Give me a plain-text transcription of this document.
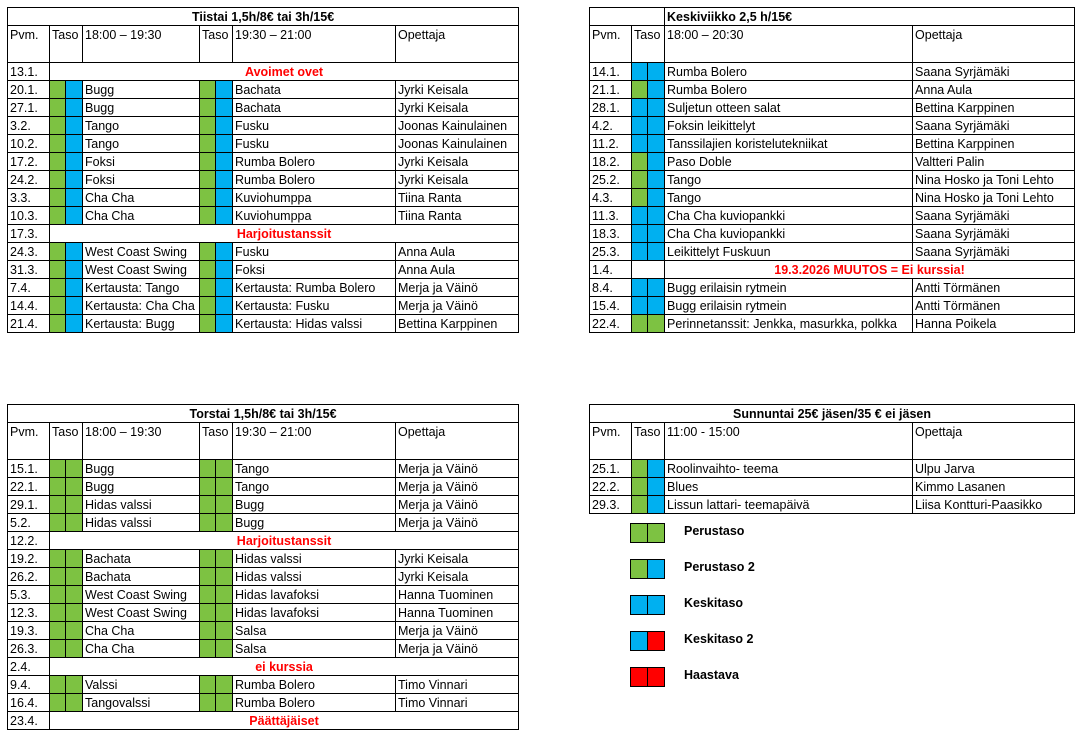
Tiistai 1,5h/8€ tai 3h/15€							
Pvm.	Taso		18:00 – 19:30	Taso		19:30 – 21:00	Opettaja
13.1.	Avoimet ovet						
20.1.			Bugg			Bachata	Jyrki Keisala
27.1.			Bugg			Bachata	Jyrki Keisala
3.2.			Tango			Fusku	Joonas Kainulainen
10.2.			Tango			Fusku	Joonas Kainulainen
17.2.			Foksi			Rumba Bolero	Jyrki Keisala
24.2.			Foksi			Rumba Bolero	Jyrki Keisala
3.3.			Cha Cha			Kuviohumppa	Tiina Ranta
10.3.			Cha Cha			Kuviohumppa	Tiina Ranta
17.3.	Harjoitustanssit						
24.3.			West Coast Swing			Fusku	Anna Aula
31.3.			West Coast Swing			Foksi	Anna Aula
7.4.			Kertausta: Tango			Kertausta: Rumba Bolero	Merja ja Väinö
14.4.			Kertausta: Cha Cha			Kertausta: Fusku	Merja ja Väinö
21.4.			Kertausta: Bugg			Kertausta: Hidas valssi	Bettina Karppinen
			Keskiviikko 2,5 h/15€	
Pvm.	Taso		18:00 – 20:30	Opettaja
14.1.			Rumba Bolero	Saana Syrjämäki
21.1.			Rumba Bolero	Anna Aula
28.1.			Suljetun otteen salat	Bettina Karppinen
4.2.			Foksin leikittelyt	Saana Syrjämäki
11.2.			Tanssilajien koristelutekniikat	Bettina Karppinen
18.2.			Paso Doble	Valtteri Palin
25.2.			Tango	Nina Hosko ja Toni Lehto
4.3.			Tango	Nina Hosko ja Toni Lehto
11.3.			Cha Cha kuviopankki	Saana Syrjämäki
18.3.			Cha Cha kuviopankki	Saana Syrjämäki
25.3.			Leikittelyt Fuskuun	Saana Syrjämäki
1.4.			19.3.2026 MUUTOS = Ei kurssia!	
8.4.			Bugg erilaisin rytmein	Antti Törmänen
15.4.			Bugg erilaisin rytmein	Antti Törmänen
22.4.			Perinnetanssit: Jenkka, masurkka, polkka	Hanna Poikela
Torstai 1,5h/8€ tai 3h/15€							
Pvm.	Taso		18:00 – 19:30	Taso		19:30 – 21:00	Opettaja
15.1.			Bugg			Tango	Merja ja Väinö
22.1.			Bugg			Tango	Merja ja Väinö
29.1.			Hidas valssi			Bugg	Merja ja Väinö
5.2.			Hidas valssi			Bugg	Merja ja Väinö
12.2.	Harjoitustanssit						
19.2.			Bachata			Hidas valssi	Jyrki Keisala
26.2.			Bachata			Hidas valssi	Jyrki Keisala
5.3.			West Coast Swing			Hidas lavafoksi	Hanna Tuominen
12.3.			West Coast Swing			Hidas lavafoksi	Hanna Tuominen
19.3.			Cha Cha			Salsa	Merja ja Väinö
26.3.			Cha Cha			Salsa	Merja ja Väinö
2.4.	ei kurssia						
9.4.			Valssi			Rumba Bolero	Timo Vinnari
16.4.			Tangovalssi			Rumba Bolero	Timo Vinnari
23.4.	Päättäjäiset						
Sunnuntai 25€ jäsen/35 € ei jäsen				
Pvm.	Taso		11:00 - 15:00	Opettaja
25.1.			Roolinvaihto- teema	Ulpu Jarva
22.2.			Blues	Kimmo Lasanen
29.3.			Lissun lattari- teemapäivä	Liisa Kontturi-Paasikko
Perustaso
Perustaso 2
Keskitaso
Keskitaso 2
Haastava
